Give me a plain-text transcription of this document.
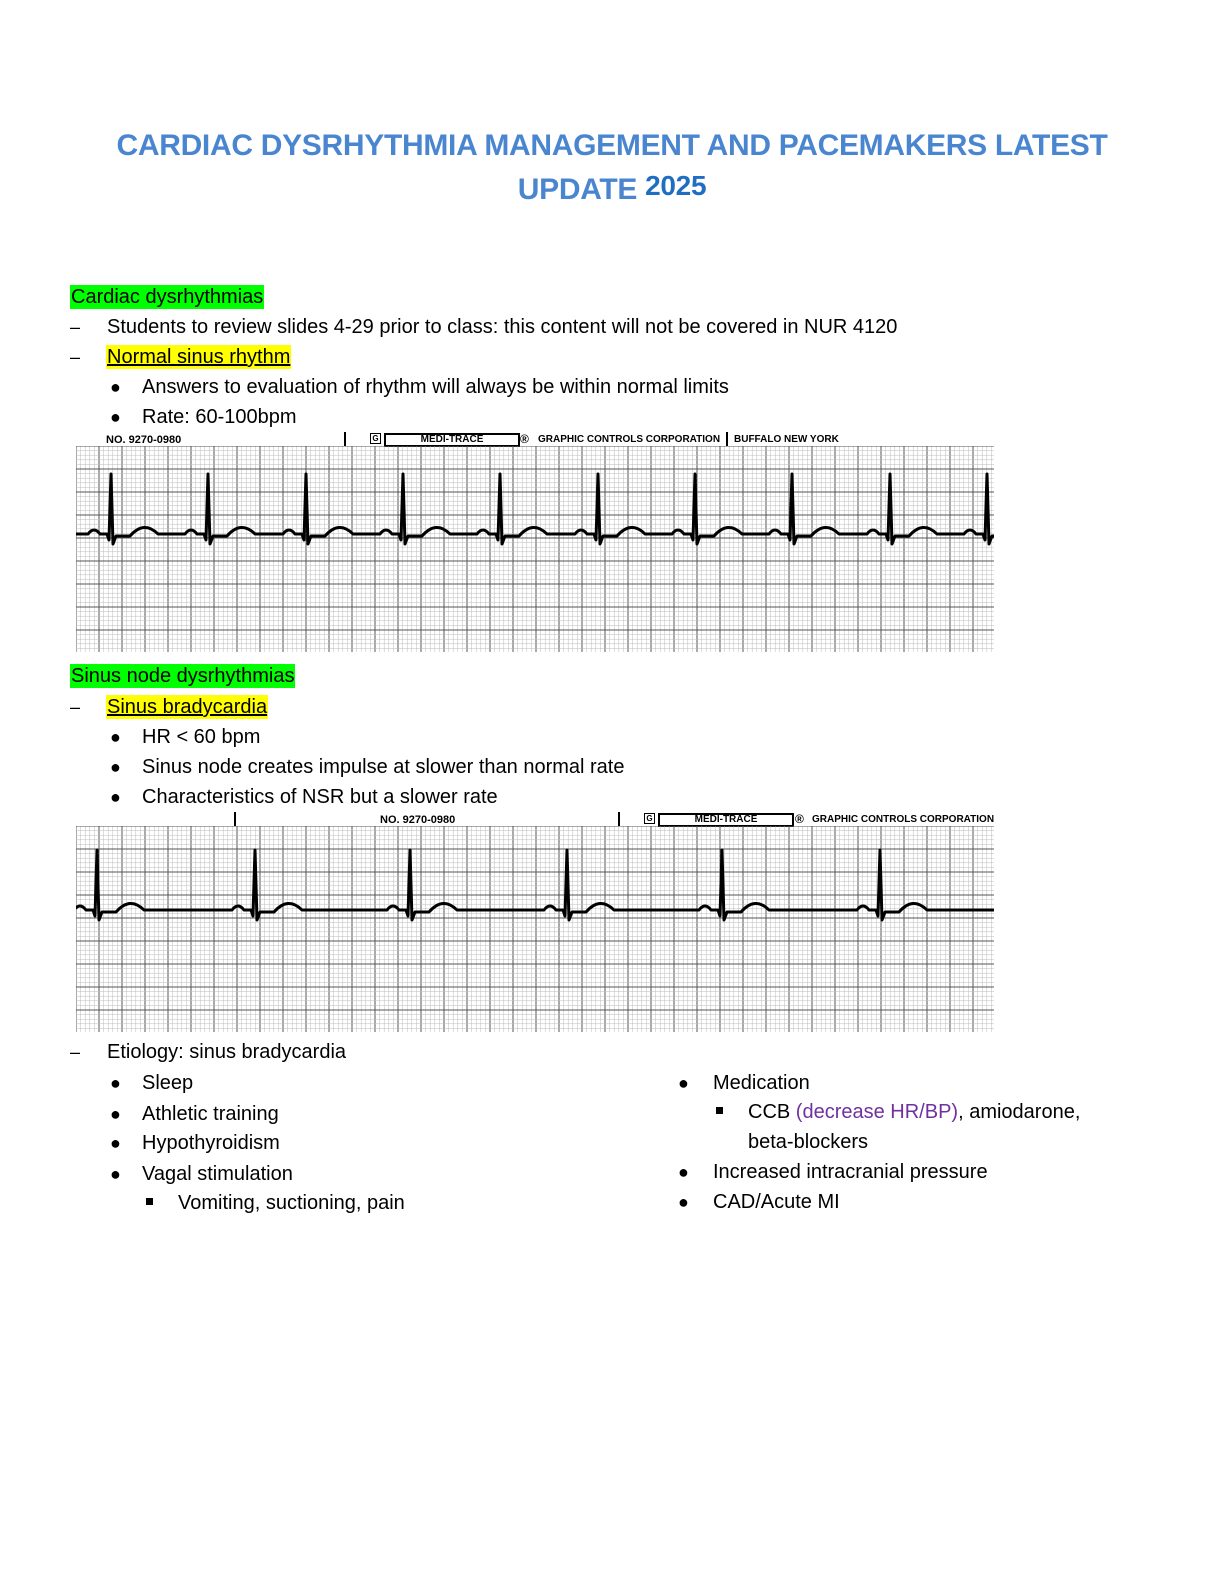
CARDIAC DYSRHYTHMIA MANAGEMENT AND PACEMAKERS LATEST
UPDATE 2025
Cardiac dysrhythmias
– Students to review slides 4-29 prior to class: this content will not be covered in NUR 4120
– Normal sinus rhythm
● Answers to evaluation of rhythm will always be within normal limits
● Rate: 60-100bpm
NO. 9270-0980	G	MEDI-TRACE	® GRAPHIC CONTROLS CORPORATION BUFFALO NEW YORK
Sinus node dysrhythmias
– Sinus bradycardia
● HR < 60 bpm
● Sinus node creates impulse at slower than normal rate
● Characteristics of NSR but a slower rate
NO. 9270-0980	G	MEDI-TRACE	® GRAPHIC CONTROLS CORPORATION
– Etiology: sinus bradycardia
● Sleep
● Athletic training
● Hypothyroidism
● Vagal stimulation
Vomiting, suctioning, pain
● Medication
CCB (decrease HR/BP), amiodarone,
beta-blockers
● Increased intracranial pressure
● CAD/Acute MI
